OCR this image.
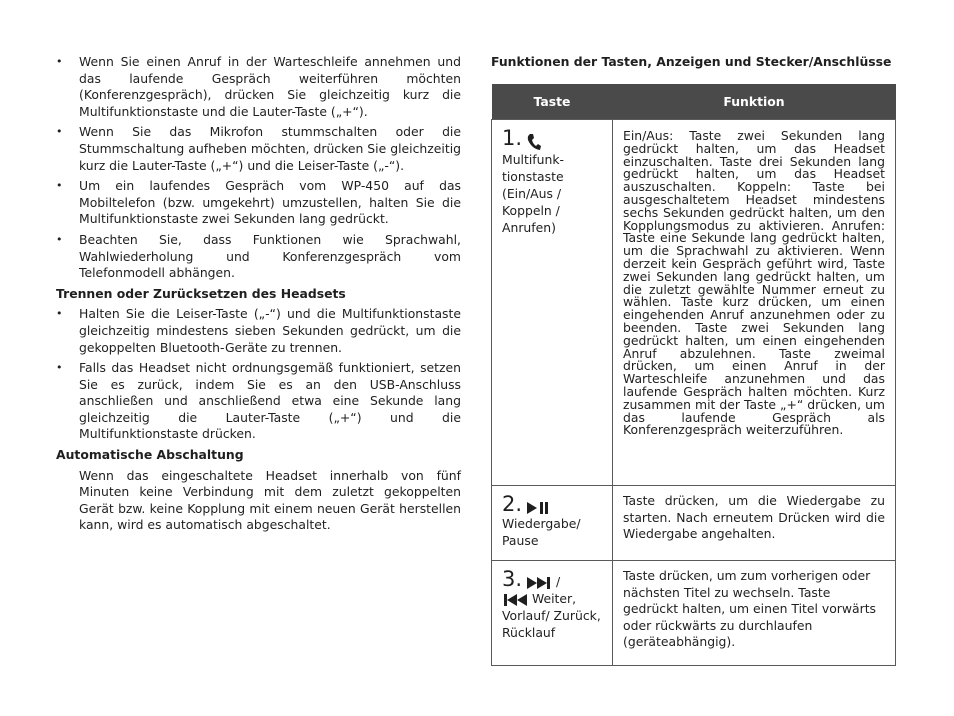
• Wenn Sie einen Anruf in der Warteschleife annehmen und das laufende Gespräch weiterführen möchten (Konferenzgespräch), drücken Sie gleichzeitig kurz die Multifunktionstaste und die Lauter-Taste („+“).
• Wenn Sie das Mikrofon stummschalten oder die Stummschaltung aufheben möchten, drücken Sie gleichzeitig kurz die Lauter-Taste („+“) und die Leiser-Taste („-“).
• Um ein laufendes Gespräch vom WP-450 auf das Mobiltelefon (bzw. umgekehrt) umzustellen, halten Sie die Multifunktionstaste zwei Sekunden lang gedrückt.
• Beachten Sie, dass Funktionen wie Sprachwahl, Wahlwiederholung und Konferenzgespräch vom Telefonmodell abhängen.
Trennen oder Zurücksetzen des Headsets
• Halten Sie die Leiser-Taste („-“) und die Multifunktionstaste gleichzeitig mindestens sieben Sekunden gedrückt, um die gekoppelten Bluetooth-Geräte zu trennen.
• Falls das Headset nicht ordnungsgemäß funktioniert, setzen Sie es zurück, indem Sie es an den USB-Anschluss anschließen und anschließend etwa eine Sekunde lang gleichzeitig die Lauter-Taste („+“) und die Multifunktionstaste drücken.
Automatische Abschaltung
Wenn das eingeschaltete Headset innerhalb von fünf Minuten keine Verbindung mit dem zuletzt gekoppelten Gerät bzw. keine Kopplung mit einem neuen Gerät herstellen kann, wird es automatisch abgeschaltet.
Funktionen der Tasten, Anzeigen und Stecker/Anschlüsse
Taste	Funktion
1.
Multifunk-tionstaste (Ein/Aus / Koppeln / Anrufen)	Ein/Aus: Taste zwei Sekunden lang gedrückt halten, um das Headset einzuschalten. Taste drei Sekunden lang gedrückt halten, um das Headset auszuschalten. Koppeln: Taste bei ausgeschaltetem Headset mindestens sechs Sekunden gedrückt halten, um den Kopplungsmodus zu aktivieren. Anrufen: Taste eine Sekunde lang gedrückt halten, um die Sprachwahl zu aktivieren. Wenn derzeit kein Gespräch geführt wird, Taste zwei Sekunden lang gedrückt halten, um die zuletzt gewählte Nummer erneut zu wählen. Taste kurz drücken, um einen eingehenden Anruf anzunehmen oder zu beenden. Taste zwei Sekunden lang gedrückt halten, um einen eingehenden Anruf abzulehnen. Taste zweimal drücken, um einen Anruf in der Warteschleife anzunehmen und das laufende Gespräch halten möchten. Kurz zusammen mit der Taste „+“ drücken, um das laufende Gespräch als Konferenzgespräch weiterzuführen.
2.
Wiedergabe/ Pause	Taste drücken, um die Wiedergabe zu starten. Nach erneutem Drücken wird die Wiedergabe angehalten.
3. /
Weiter,
Vorlauf/ Zurück, Rücklauf	Taste drücken, um zum vorherigen oder nächsten Titel zu wechseln. Taste gedrückt halten, um einen Titel vorwärts oder rückwärts zu durchlaufen (geräteabhängig).
